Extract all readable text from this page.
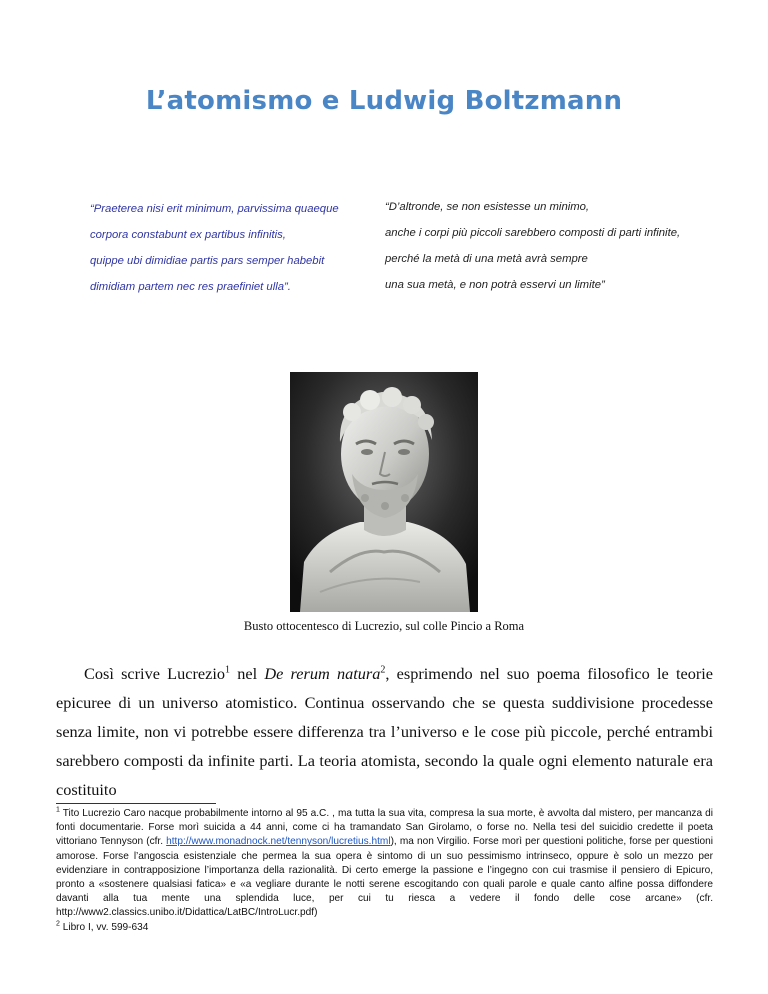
L’atomismo e Ludwig Boltzmann
“Praeterea nisi erit minimum, parvissima quaeque
corpora constabunt ex partibus infinitis,
quippe ubi dimidiae partis pars semper habebit
dimidiam partem nec res praefiniet ulla”.
“D’altronde, se non esistesse un minimo,
anche i corpi più piccoli sarebbero composti di parti infinite,
perché la metà di una metà avrà sempre
una sua metà, e non potrà esservi un limite”
Busto ottocentesco di Lucrezio, sul colle Pincio a Roma

Così scrive Lucrezio$^1$ nel De rerum natura$^2$, esprimendo nel suo poema filosofico le teorie epicuree di un universo atomistico. Continua osservando che se questa suddivisione procedesse senza limite, non vi potrebbe essere differenza tra l’universo e le cose più piccole, perché entrambi sarebbero composti da infinite parti. La teoria atomista, secondo la quale ogni elemento naturale era costituito

$^1$ Tito Lucrezio Caro nacque probabilmente intorno al 95 a.C. , ma tutta la sua vita, compresa la sua morte, è avvolta dal mistero, per mancanza di fonti documentarie. Forse morì suicida a 44 anni, come ci ha tramandato San Girolamo, o forse no. Nella tesi del suicidio credette il poeta vittoriano Tennyson (cfr. http://www.monadnock.net/tennyson/lucretius.html), ma non Virgilio. Forse morì per questioni politiche, forse per questioni amorose. Forse l’angoscia esistenziale che permea la sua opera è sintomo di un suo pessimismo intrinseco, oppure è solo un mezzo per evidenziare in contrapposizione l’importanza della razionalità. Di certo emerge la passione e l’ingegno con cui trasmise il pensiero di Epicuro, pronto a «sostenere qualsiasi fatica» e «a vegliare durante le notti serene escogitando con quali parole e quale canto alfine possa diffondere davanti alla tua mente una splendida luce, per cui tu riesca a vedere il fondo delle cose arcane» (cfr. http://www2.classics.unibo.it/Didattica/LatBC/IntroLucr.pdf)

$^2$ Libro I, vv. 599-634
